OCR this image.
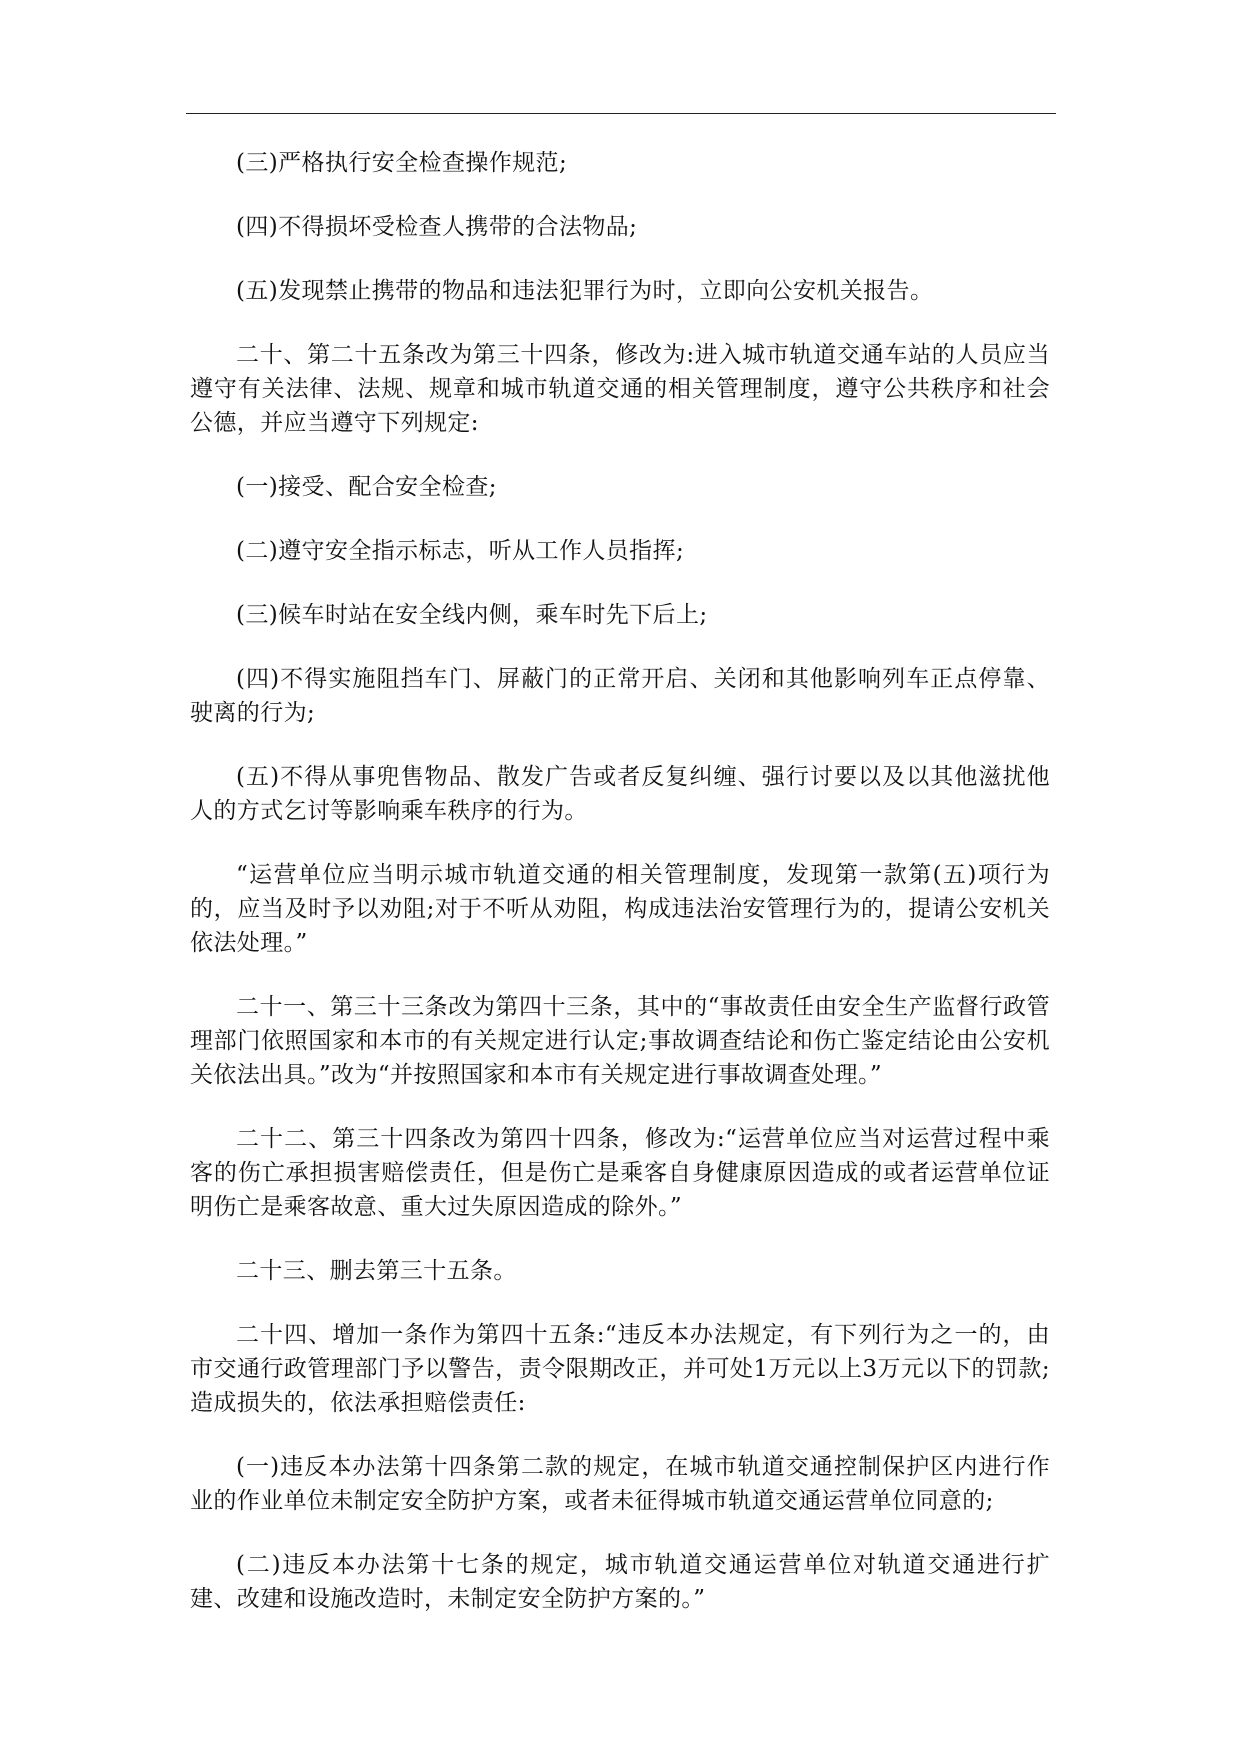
(三)严格执行安全检查操作规范;

(四)不得损坏受检查人携带的合法物品;

(五)发现禁止携带的物品和违法犯罪行为时，立即向公安机关报告。

二十、第二十五条改为第三十四条，修改为:进入城市轨道交通车站的人员应当遵守有关法律、法规、规章和城市轨道交通的相关管理制度，遵守公共秩序和社会公德，并应当遵守下列规定:

(一)接受、配合安全检查;

(二)遵守安全指示标志，听从工作人员指挥;

(三)候车时站在安全线内侧，乘车时先下后上;

(四)不得实施阻挡车门、屏蔽门的正常开启、关闭和其他影响列车正点停靠、驶离的行为;

(五)不得从事兜售物品、散发广告或者反复纠缠、强行讨要以及以其他滋扰他人的方式乞讨等影响乘车秩序的行为。

“运营单位应当明示城市轨道交通的相关管理制度，发现第一款第(五)项行为的，应当及时予以劝阻;对于不听从劝阻，构成违法治安管理行为的，提请公安机关依法处理。”

二十一、第三十三条改为第四十三条，其中的“事故责任由安全生产监督行政管理部门依照国家和本市的有关规定进行认定;事故调查结论和伤亡鉴定结论由公安机关依法出具。”改为“并按照国家和本市有关规定进行事故调查处理。”

二十二、第三十四条改为第四十四条，修改为:“运营单位应当对运营过程中乘客的伤亡承担损害赔偿责任，但是伤亡是乘客自身健康原因造成的或者运营单位证明伤亡是乘客故意、重大过失原因造成的除外。”

二十三、删去第三十五条。

二十四、增加一条作为第四十五条:“违反本办法规定，有下列行为之一的，由市交通行政管理部门予以警告，责令限期改正，并可处1万元以上3万元以下的罚款;造成损失的，依法承担赔偿责任:

(一)违反本办法第十四条第二款的规定，在城市轨道交通控制保护区内进行作业的作业单位未制定安全防护方案，或者未征得城市轨道交通运营单位同意的;

(二)违反本办法第十七条的规定，城市轨道交通运营单位对轨道交通进行扩建、改建和设施改造时，未制定安全防护方案的。”
